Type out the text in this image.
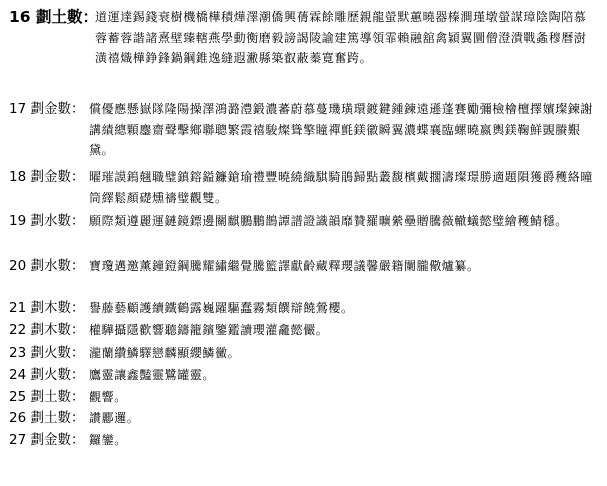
16 劃土數：
道運達錫錢衰樹機橋樺積燁澤潮僑興蒨霖餘雕歷親龍螢默蕙曉器榛澗瑾墩螢謀璋陰陶陪慕蓉蓄蓉諧諸熹壁臻轄燕學動衡磨毅謗謁陵諭建篤導領霏賴融舘禽穎翼圜僧澄潰戰螽穆曆澍潢禧熾樺錚鋒鍋鋼錐逸縫遐潎縣築叡蔽蓁寛奮跨。
17 劃金數： 償優應懸嶽隊隆陽操澤鴻潞澧鍛濃蕃蔚慕蔓璣璜環鍍鍵鍾鍊遠遜蓬賽勵彌檢檜檀擇嬪璨鍊謝講績總顆鏖齋聲擊鄉聯聰繁霞禧駿燦聳擎瞳禪氈鎂徽瞬翼濃蝶襄臨螺曉嬴輿鎂鞠鮮覬賸艱黛。
18 劃金數： 曜璀謨鎢翹職璧鎮鎔鎰鐮鎗瑜禮豐曉繞織騏騎鵑歸點叢馥檳戴擱濤璨璟勝適題隕獲爵穫絡曈筒繹鬆顏礎燻禱璧觀雙。
19 劃水數： 願際類遵麗運鏈鏡鏢邊關麒鵬鵬鵲譚譜證識韻靡贊羅曠縈壘贈騰薇轍蟻懿璧繪穫鯖穩。
20 劃水數： 寶瓊邁邀薰鐘鐙鋼騰耀繡繼覺騰籃譯獻齡藏釋瓔議馨嚴籍闌朧儆爐纂。
21 劃木數： 譽藤藝顧護續鐵鶴露巍躍驅蠢霧類饌辯饒鶯櫻。
22 劃木數： 權驊攝隱歡響聽鑄籠鑌鑒鑑讀瓔灌龕懿儼。
23 劃火數： 瀧蘭纘鱗驛戀麟顯纓鱗黴。
24 劃火數： 鷹靈讓鑫豔靈鷺罐靈。
25 劃土數： 觀響。
26 劃土數： 讚酈邏。
27 劃金數： 鑼鑾。
